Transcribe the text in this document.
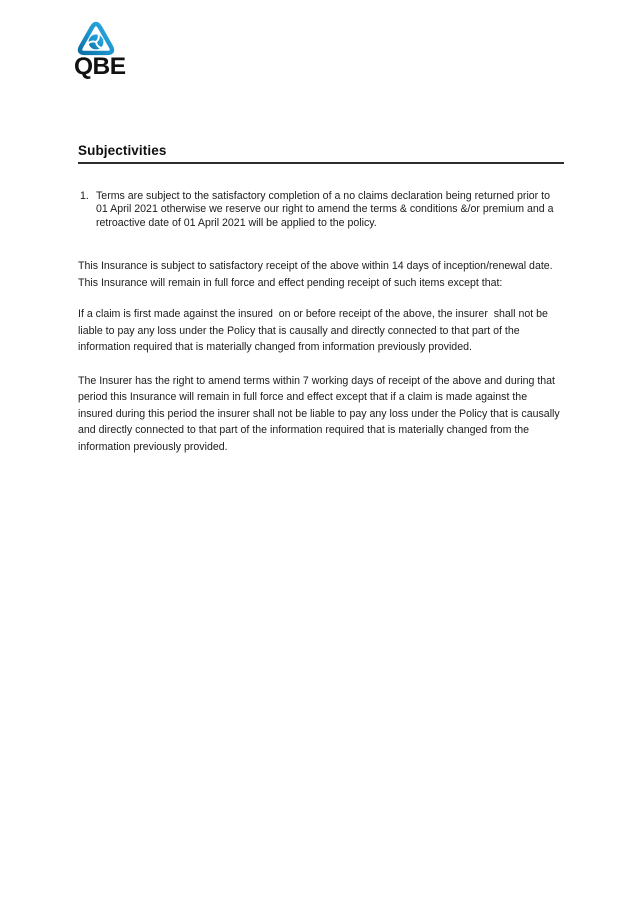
QBE
Subjectivities
1. Terms are subject to the satisfactory completion of a no claims declaration being returned prior to 01 April 2021 otherwise we reserve our right to amend the terms & conditions &/or premium and a retroactive date of 01 April 2021 will be applied to the policy.

This Insurance is subject to satisfactory receipt of the above within 14 days of inception/renewal date. This Insurance will remain in full force and effect pending receipt of such items except that:

If a claim is first made against the insured  on or before receipt of the above, the insurer  shall not be liable to pay any loss under the Policy that is causally and directly connected to that part of the information required that is materially changed from information previously provided.

The Insurer has the right to amend terms within 7 working days of receipt of the above and during that period this Insurance will remain in full force and effect except that if a claim is made against the insured during this period the insurer shall not be liable to pay any loss under the Policy that is causally and directly connected to that part of the information required that is materially changed from the information previously provided.
